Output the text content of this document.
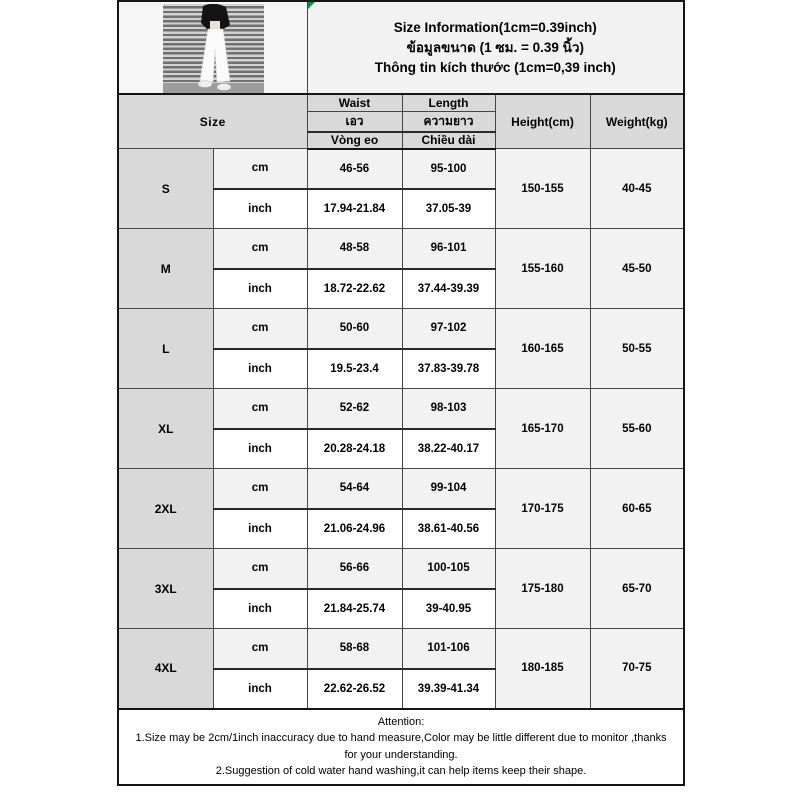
Size Information(1cm=0.39inch)
ข้อมูลขนาด (1 ซม. = 0.39 นิ้ว)
Thông tin kích thước (1cm=0,39 inch)			

Size		Waist	Length	Height(cm)	Weight(kg)
		เอว	ความยาว		
		Vòng eo	Chiều dài		
S	cm	46-56	95-100	150-155	40-45
	inch	17.94-21.84	37.05-39		
M	cm	48-58	96-101	155-160	45-50
	inch	18.72-22.62	37.44-39.39		
L	cm	50-60	97-102	160-165	50-55
	inch	19.5-23.4	37.83-39.78		
XL	cm	52-62	98-103	165-170	55-60
	inch	20.28-24.18	38.22-40.17		
2XL	cm	54-64	99-104	170-175	60-65
	inch	21.06-24.96	38.61-40.56		
3XL	cm	56-66	100-105	175-180	65-70
	inch	21.84-25.74	39-40.95		
4XL	cm	58-68	101-106	180-185	70-75
	inch	22.62-26.52	39.39-41.34		

Attention:
1.Size may be 2cm/1inch inaccuracy due to hand measure,Color may be little different due to monitor ,thanks for your understanding.
2.Suggestion of cold water hand washing,it can help items keep their shape.					
